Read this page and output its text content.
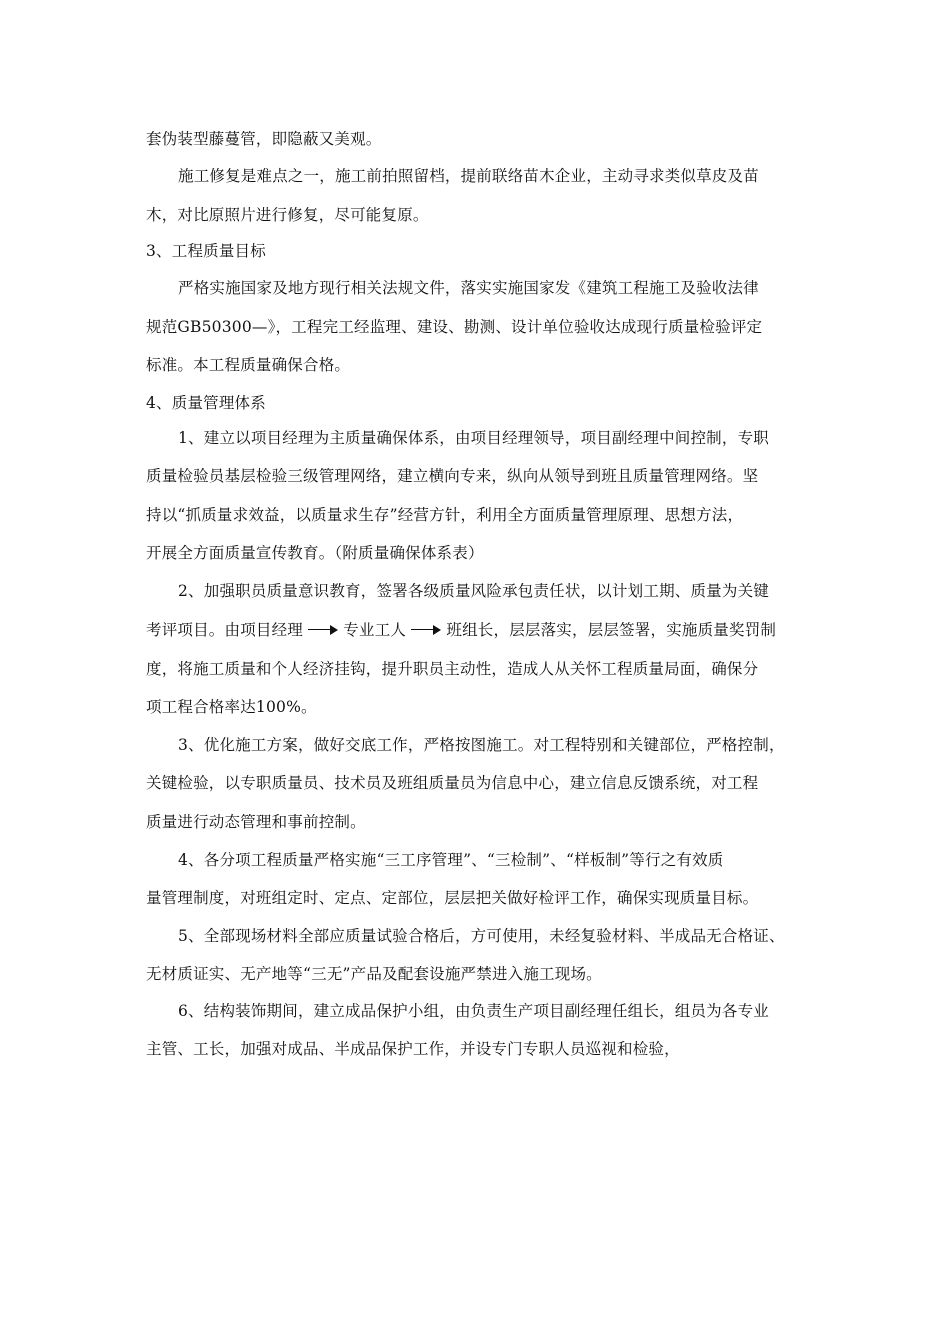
套伪装型藤蔓管，即隐蔽又美观。
施工修复是难点之一，施工前拍照留档，提前联络苗木企业，主动寻求类似草皮及苗
木，对比原照片进行修复，尽可能复原。
3、工程质量目标
严格实施国家及地方现行相关法规文件，落实实施国家发《建筑工程施工及验收法律
规范GB50300—》，工程完工经监理、建设、勘测、设计单位验收达成现行质量检验评定
标准。本工程质量确保合格。
4、质量管理体系
1、建立以项目经理为主质量确保体系，由项目经理领导，项目副经理中间控制，专职
质量检验员基层检验三级管理网络，建立横向专来，纵向从领导到班且质量管理网络。坚
持以“抓质量求效益，以质量求生存”经营方针，利用全方面质量管理原理、思想方法，
开展全方面质量宣传教育。（附质量确保体系表）
2、加强职员质量意识教育，签署各级质量风险承包责任状，以计划工期、质量为关键
考评项目。由项目经理	专业工人	班组长，层层落实，层层签署，实施质量奖罚制
度，将施工质量和个人经济挂钩，提升职员主动性，造成人从关怀工程质量局面，确保分
项工程合格率达100%。
3、优化施工方案，做好交底工作，严格按图施工。对工程特别和关键部位，严格控制，
关键检验，以专职质量员、技术员及班组质量员为信息中心，建立信息反馈系统，对工程
质量进行动态管理和事前控制。
4、各分项工程质量严格实施“三工序管理”、“三检制”、“样板制”等行之有效质
量管理制度，对班组定时、定点、定部位，层层把关做好检评工作，确保实现质量目标。
5、全部现场材料全部应质量试验合格后，方可使用，未经复验材料、半成品无合格证、
无材质证实、无产地等“三无”产品及配套设施严禁进入施工现场。
6、结构装饰期间，建立成品保护小组，由负责生产项目副经理任组长，组员为各专业
主管、工长，加强对成品、半成品保护工作，并设专门专职人员巡视和检验，
